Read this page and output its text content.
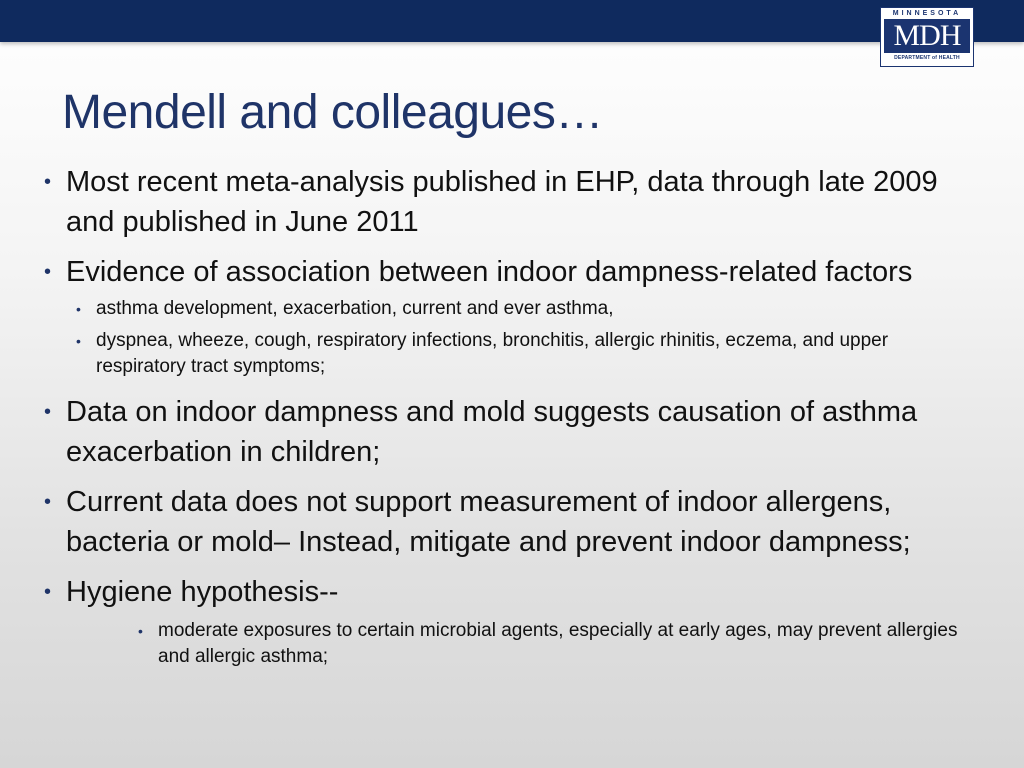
MINNESOTA
MDH
DEPARTMENT of HEALTH
Mendell and colleagues…
• Most recent meta-analysis published in EHP, data through late 2009 and published in June 2011
• Evidence of association between indoor dampness-related factors
• asthma development, exacerbation, current and ever asthma,
• dyspnea, wheeze, cough, respiratory infections, bronchitis, allergic rhinitis, eczema, and upper respiratory tract symptoms;
• Data on indoor dampness and mold suggests causation of asthma exacerbation in children;
• Current data does not support measurement of indoor allergens, bacteria or mold– Instead, mitigate and prevent indoor dampness;
• Hygiene hypothesis--
• moderate exposures to certain microbial agents, especially at early ages, may prevent allergies and allergic asthma;
